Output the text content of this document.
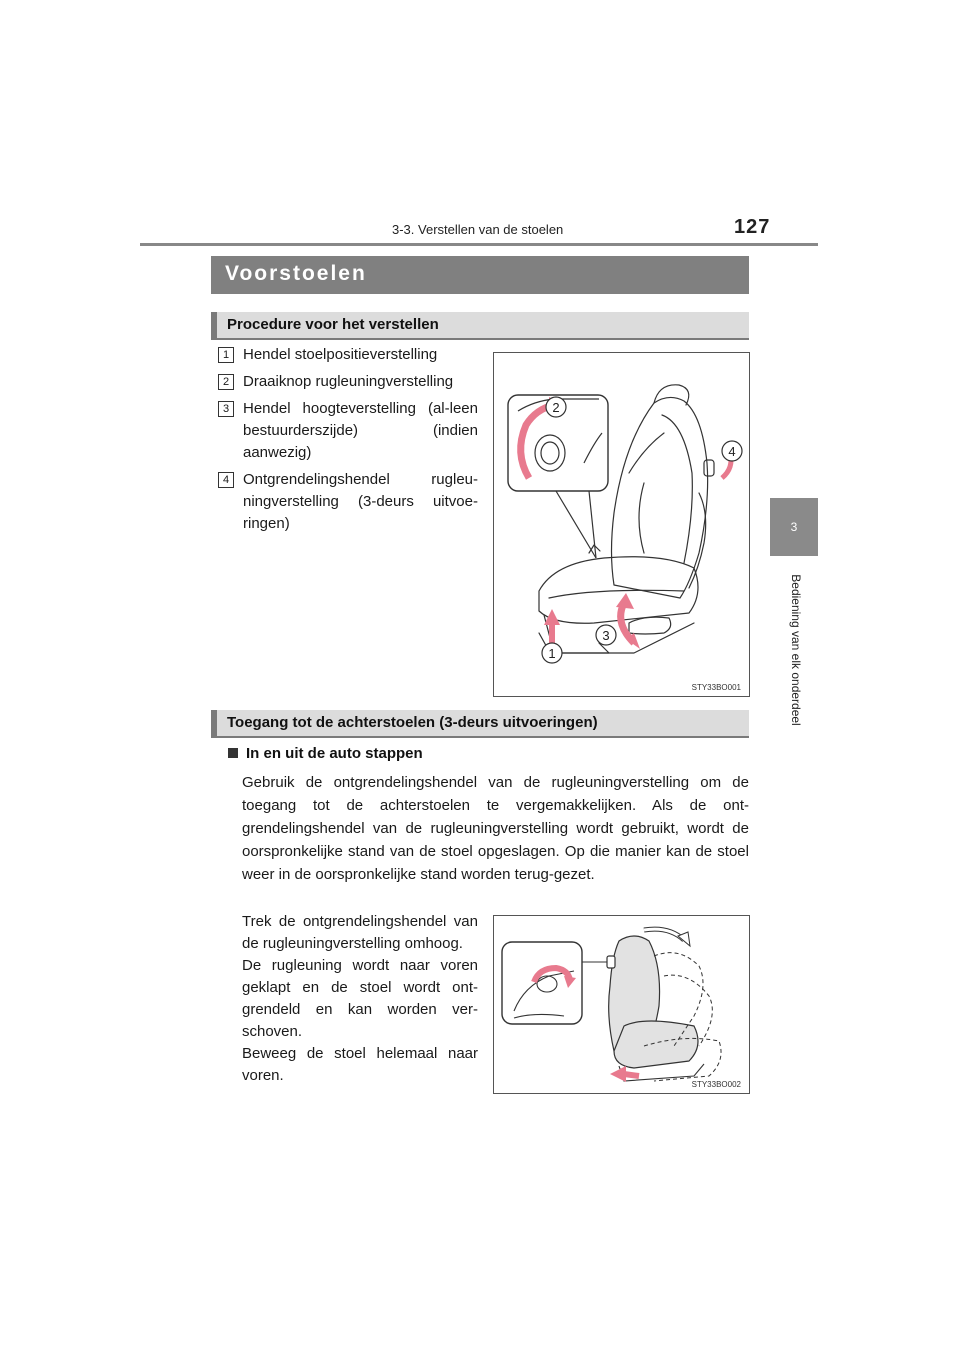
3-3. Verstellen van de stoelen	127
3
Bediening van elk onderdeel
Voorstoelen
Procedure voor het verstellen
1 Hendel stoelpositieverstelling
2 Draaiknop rugleuningverstelling
3 Hendel hoogteverstelling (al-leen bestuurderszijde) (indien aanwezig)
4 Ontgrendelingshendel rugleu-ningverstelling (3-deurs uitvoe-ringen)
2
4
3
1
STY33BO001
Toegang tot de achterstoelen (3-deurs uitvoeringen)
In en uit de auto stappen
Gebruik de ontgrendelingshendel van de rugleuningverstelling om de toegang tot de achterstoelen te vergemakkelijken. Als de ont-grendelingshendel van de rugleuningverstelling wordt gebruikt, wordt de oorspronkelijke stand van de stoel opgeslagen. Op die manier kan de stoel weer in de oorspronkelijke stand worden terug-gezet.
Trek de ontgrendelingshendel van de rugleuningverstelling omhoog.
De rugleuning wordt naar voren geklapt en de stoel wordt ont-grendeld en kan worden ver-schoven.
Beweeg de stoel helemaal naar voren.
STY33BO002
